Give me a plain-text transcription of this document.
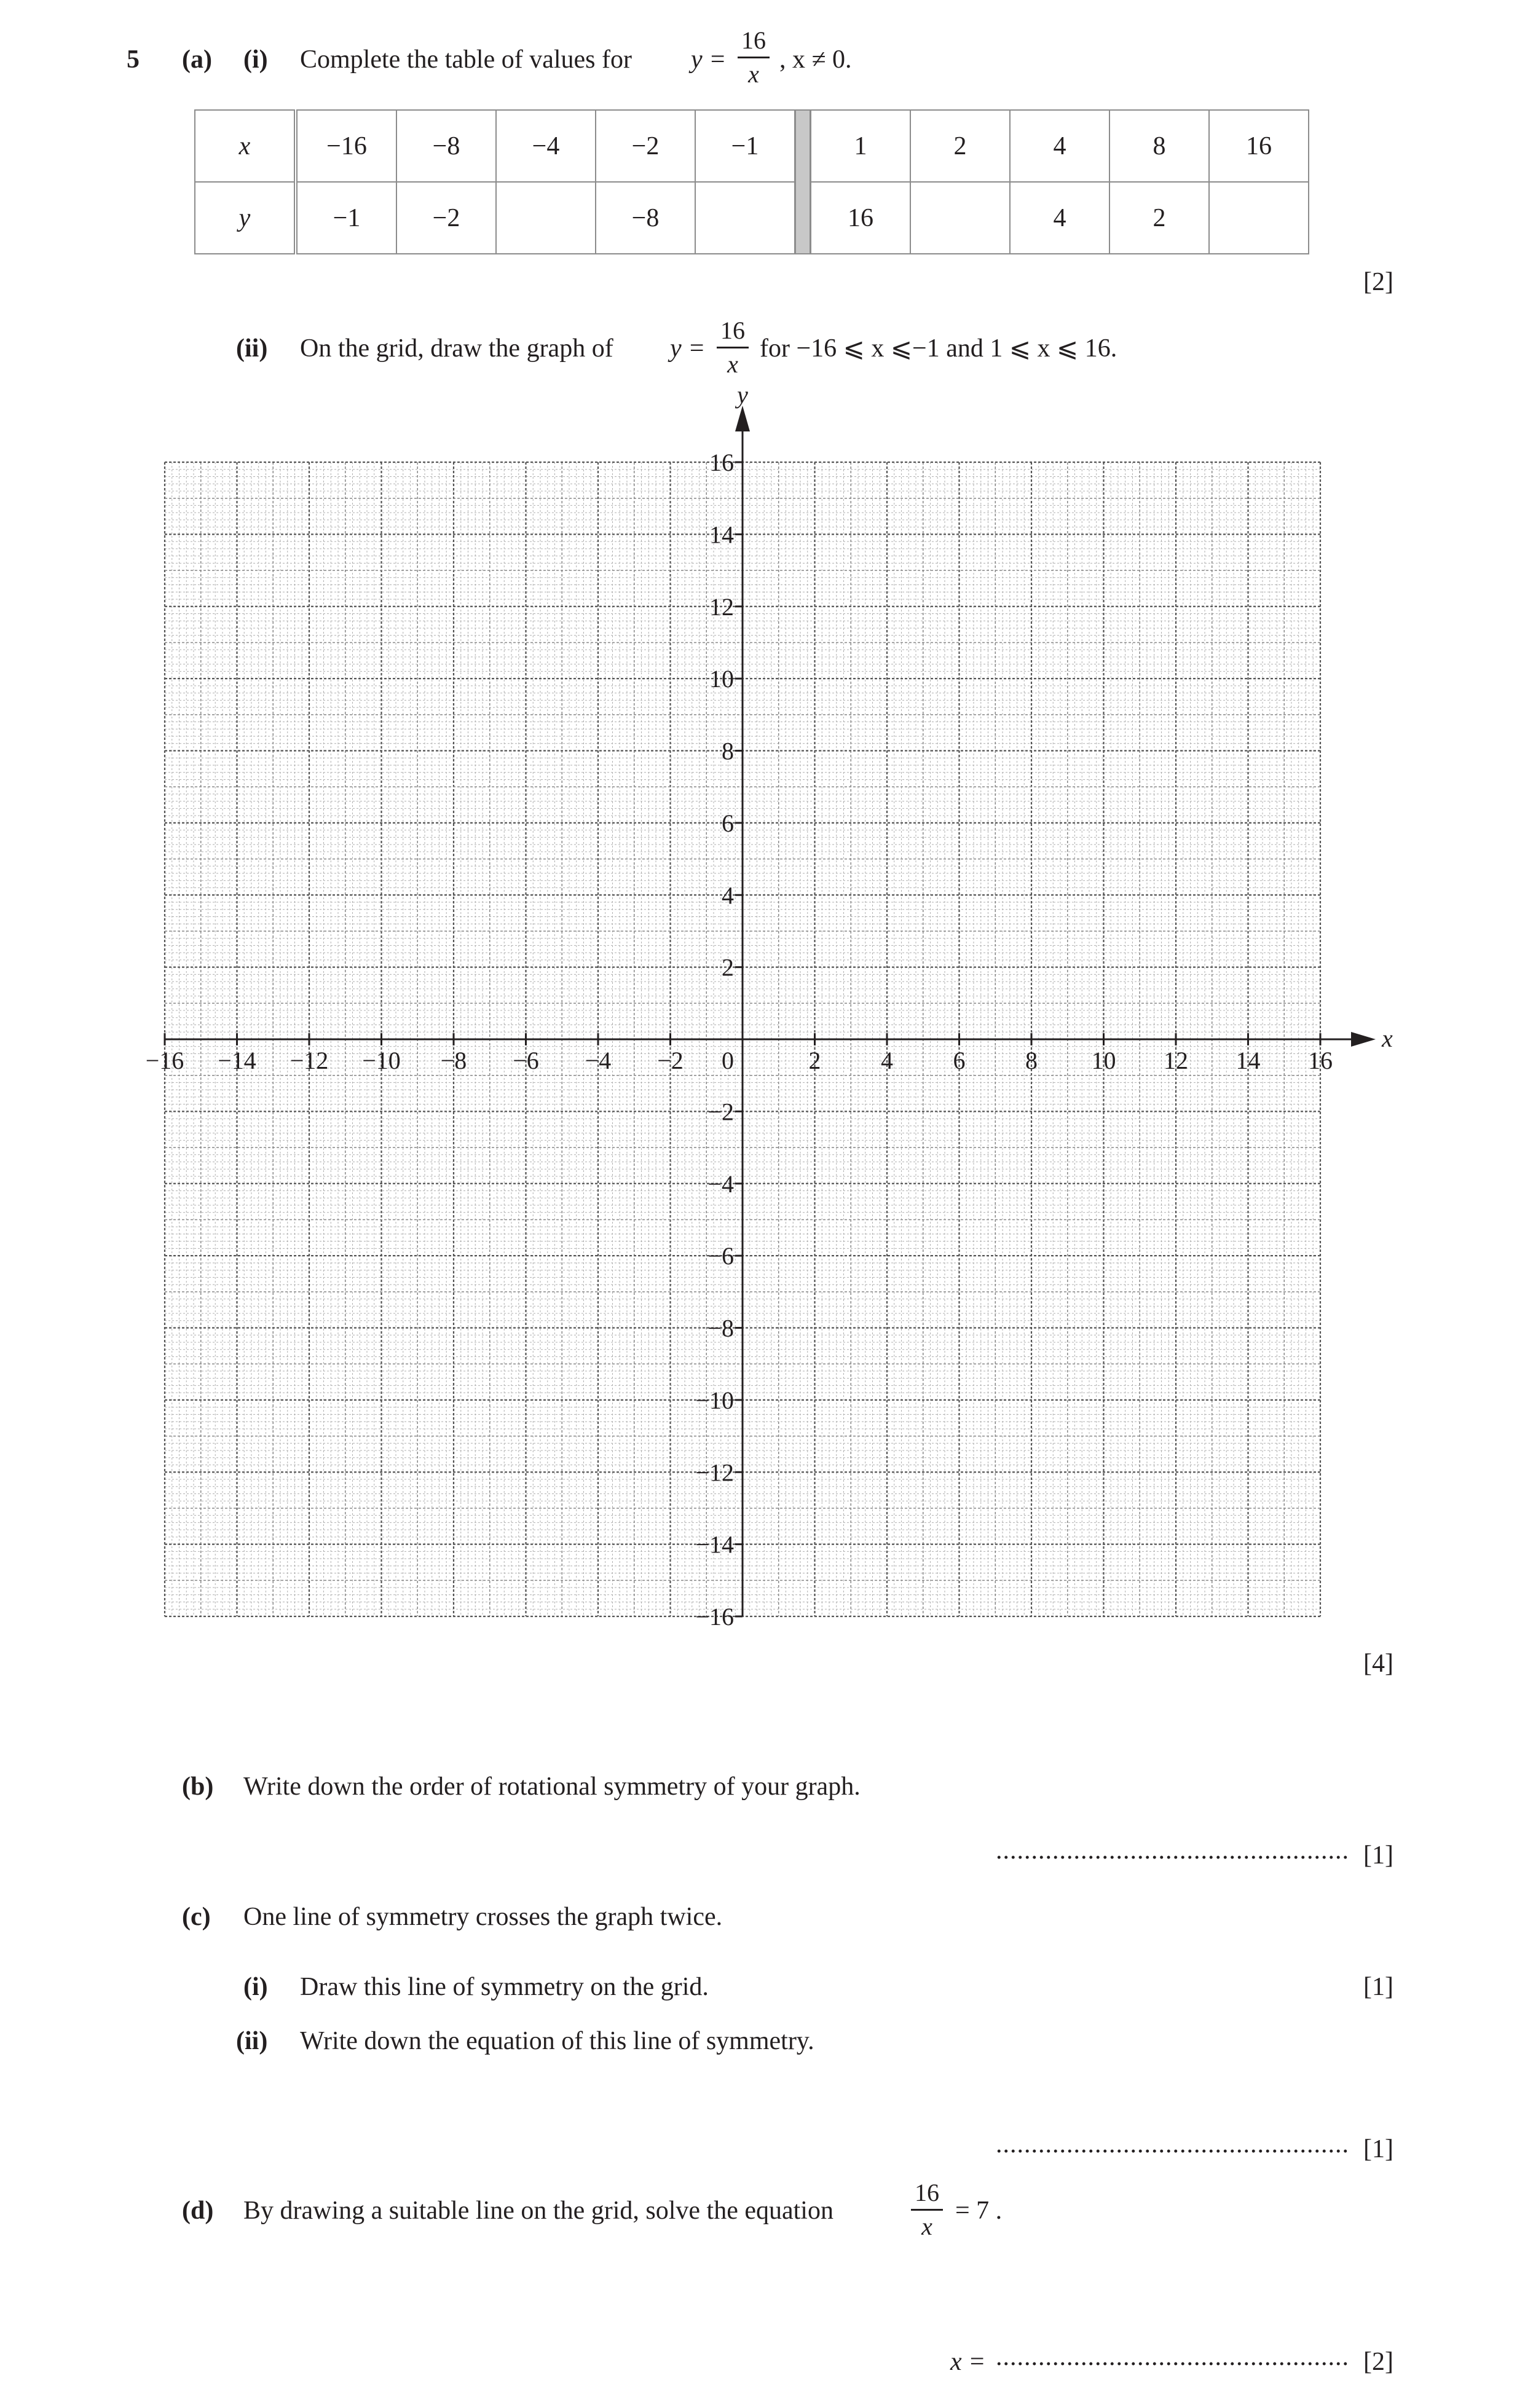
5 (a) (i) Complete the table of values for $y = \frac{16}{x}$ , x ≠ 0.
x	−16	−8	−4	−2	−1		1	2	4	8	16
y	−1	−2		−8			16		4	2	
[2]
(ii) On the grid, draw the graph of $y = \frac{16}{x}$ for −16 ⩽ x ⩽−1 and 1 ⩽ x ⩽ 16.
x
y
0
−16 −14 −12 −10 −8 −6 −4 −2	2 4 6 8 10 12 14 16
−16
−14
−12
−10
−8
−6
−4
−2
2
4
6
8
10
12
14
16
[4]
(b) Write down the order of rotational symmetry of your graph.
.................................................. [1]
(c) One line of symmetry crosses the graph twice.
(i) Draw this line of symmetry on the grid.	[1]
(ii) Write down the equation of this line of symmetry.
.................................................. [1]
(d) By drawing a suitable line on the grid, solve the equation	$\frac{16}{x} = 7$ .
x = .................................................. [2]
